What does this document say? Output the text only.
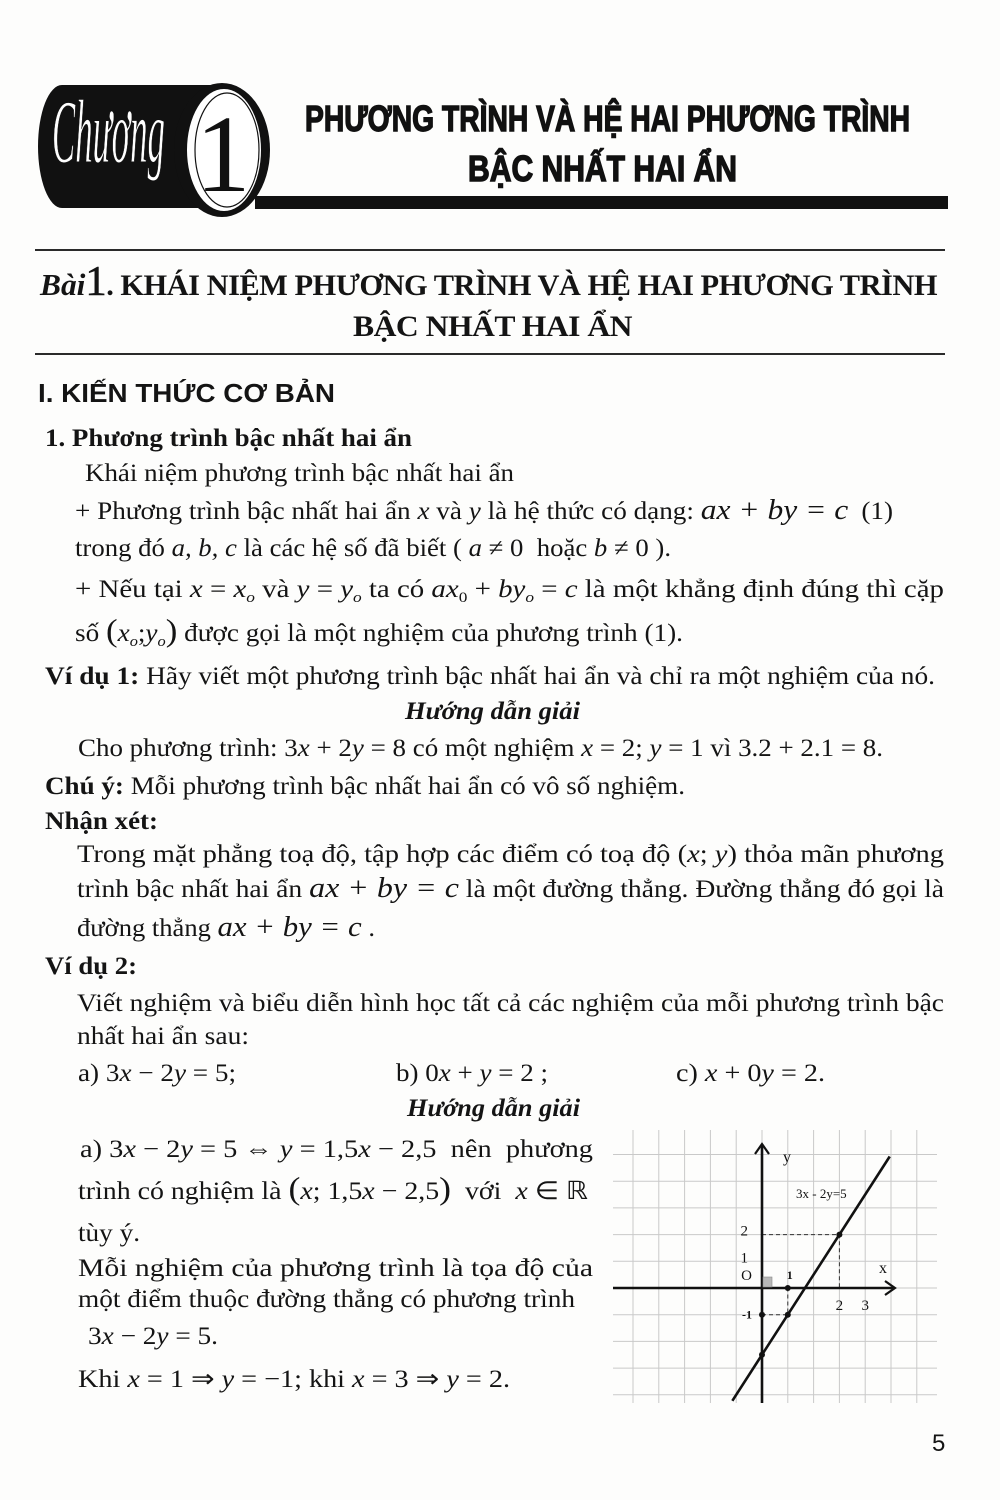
1
Chương	PHƯƠNG TRÌNH VÀ HỆ HAI PHƯƠNG TRÌNH
BẬC NHẤT HAI ẨN
Bài1. KHÁI NIỆM PHƯƠNG TRÌNH VÀ HỆ HAI PHƯƠNG TRÌNH
BẬC NHẤT HAI ẨN
I. KIẾN THỨC CƠ BẢN
1. Phương trình bậc nhất hai ẩn
Khái niệm phương trình bậc nhất hai ẩn
+ Phương trình bậc nhất hai ẩn x và y là hệ thức có dạng: ax + by = c (1)
trong đó a, b, c là các hệ số đã biết ( a ≠ 0  hoặc b ≠ 0 ).
+ Nếu tại $x = x_o$ và $y = y_o$ ta có $ax_0 + by_o = c$ là một khẳng định đúng thì cặp
số $(x_o;y_o)$ được gọi là một nghiệm của phương trình (1).
Ví dụ 1: Hãy viết một phương trình bậc nhất hai ẩn và chỉ ra một nghiệm của nó.
Hướng dẫn giải
Cho phương trình: 3x + 2y = 8 có một nghiệm x = 2; y = 1 vì 3.2 + 2.1 = 8.
Chú ý: Mỗi phương trình bậc nhất hai ẩn có vô số nghiệm.
Nhận xét:
Trong mặt phẳng toạ độ, tập hợp các điểm có toạ độ (x; y) thỏa mãn phương
trình bậc nhất hai ẩn ax + by = c là một đường thẳng. Đường thẳng đó gọi là
đường thẳng ax + by = c .
Ví dụ 2:
Viết nghiệm và biểu diễn hình học tất cả các nghiệm của mỗi phương trình bậc
nhất hai ẩn sau:
a) 3x − 2y = 5;	b) 0x + y = 2 ;	c) x + 0y = 2.
Hướng dẫn giải
a) 3x − 2y = 5 ⇔ y = 1,5x − 2,5  nên  phương
trình có nghiệm là (x; 1,5x − 2,5)  với  x ∈ ℝ
tùy ý.
Mỗi nghiệm của phương trình là tọa độ của
một điểm thuộc đường thẳng có phương trình
3x − 2y = 5.
Khi x = 1 ⇒ y = −1; khi x = 3 ⇒ y = 2.
1
2 3
2
1
-1
O	x
y
3x - 2y=5
5
